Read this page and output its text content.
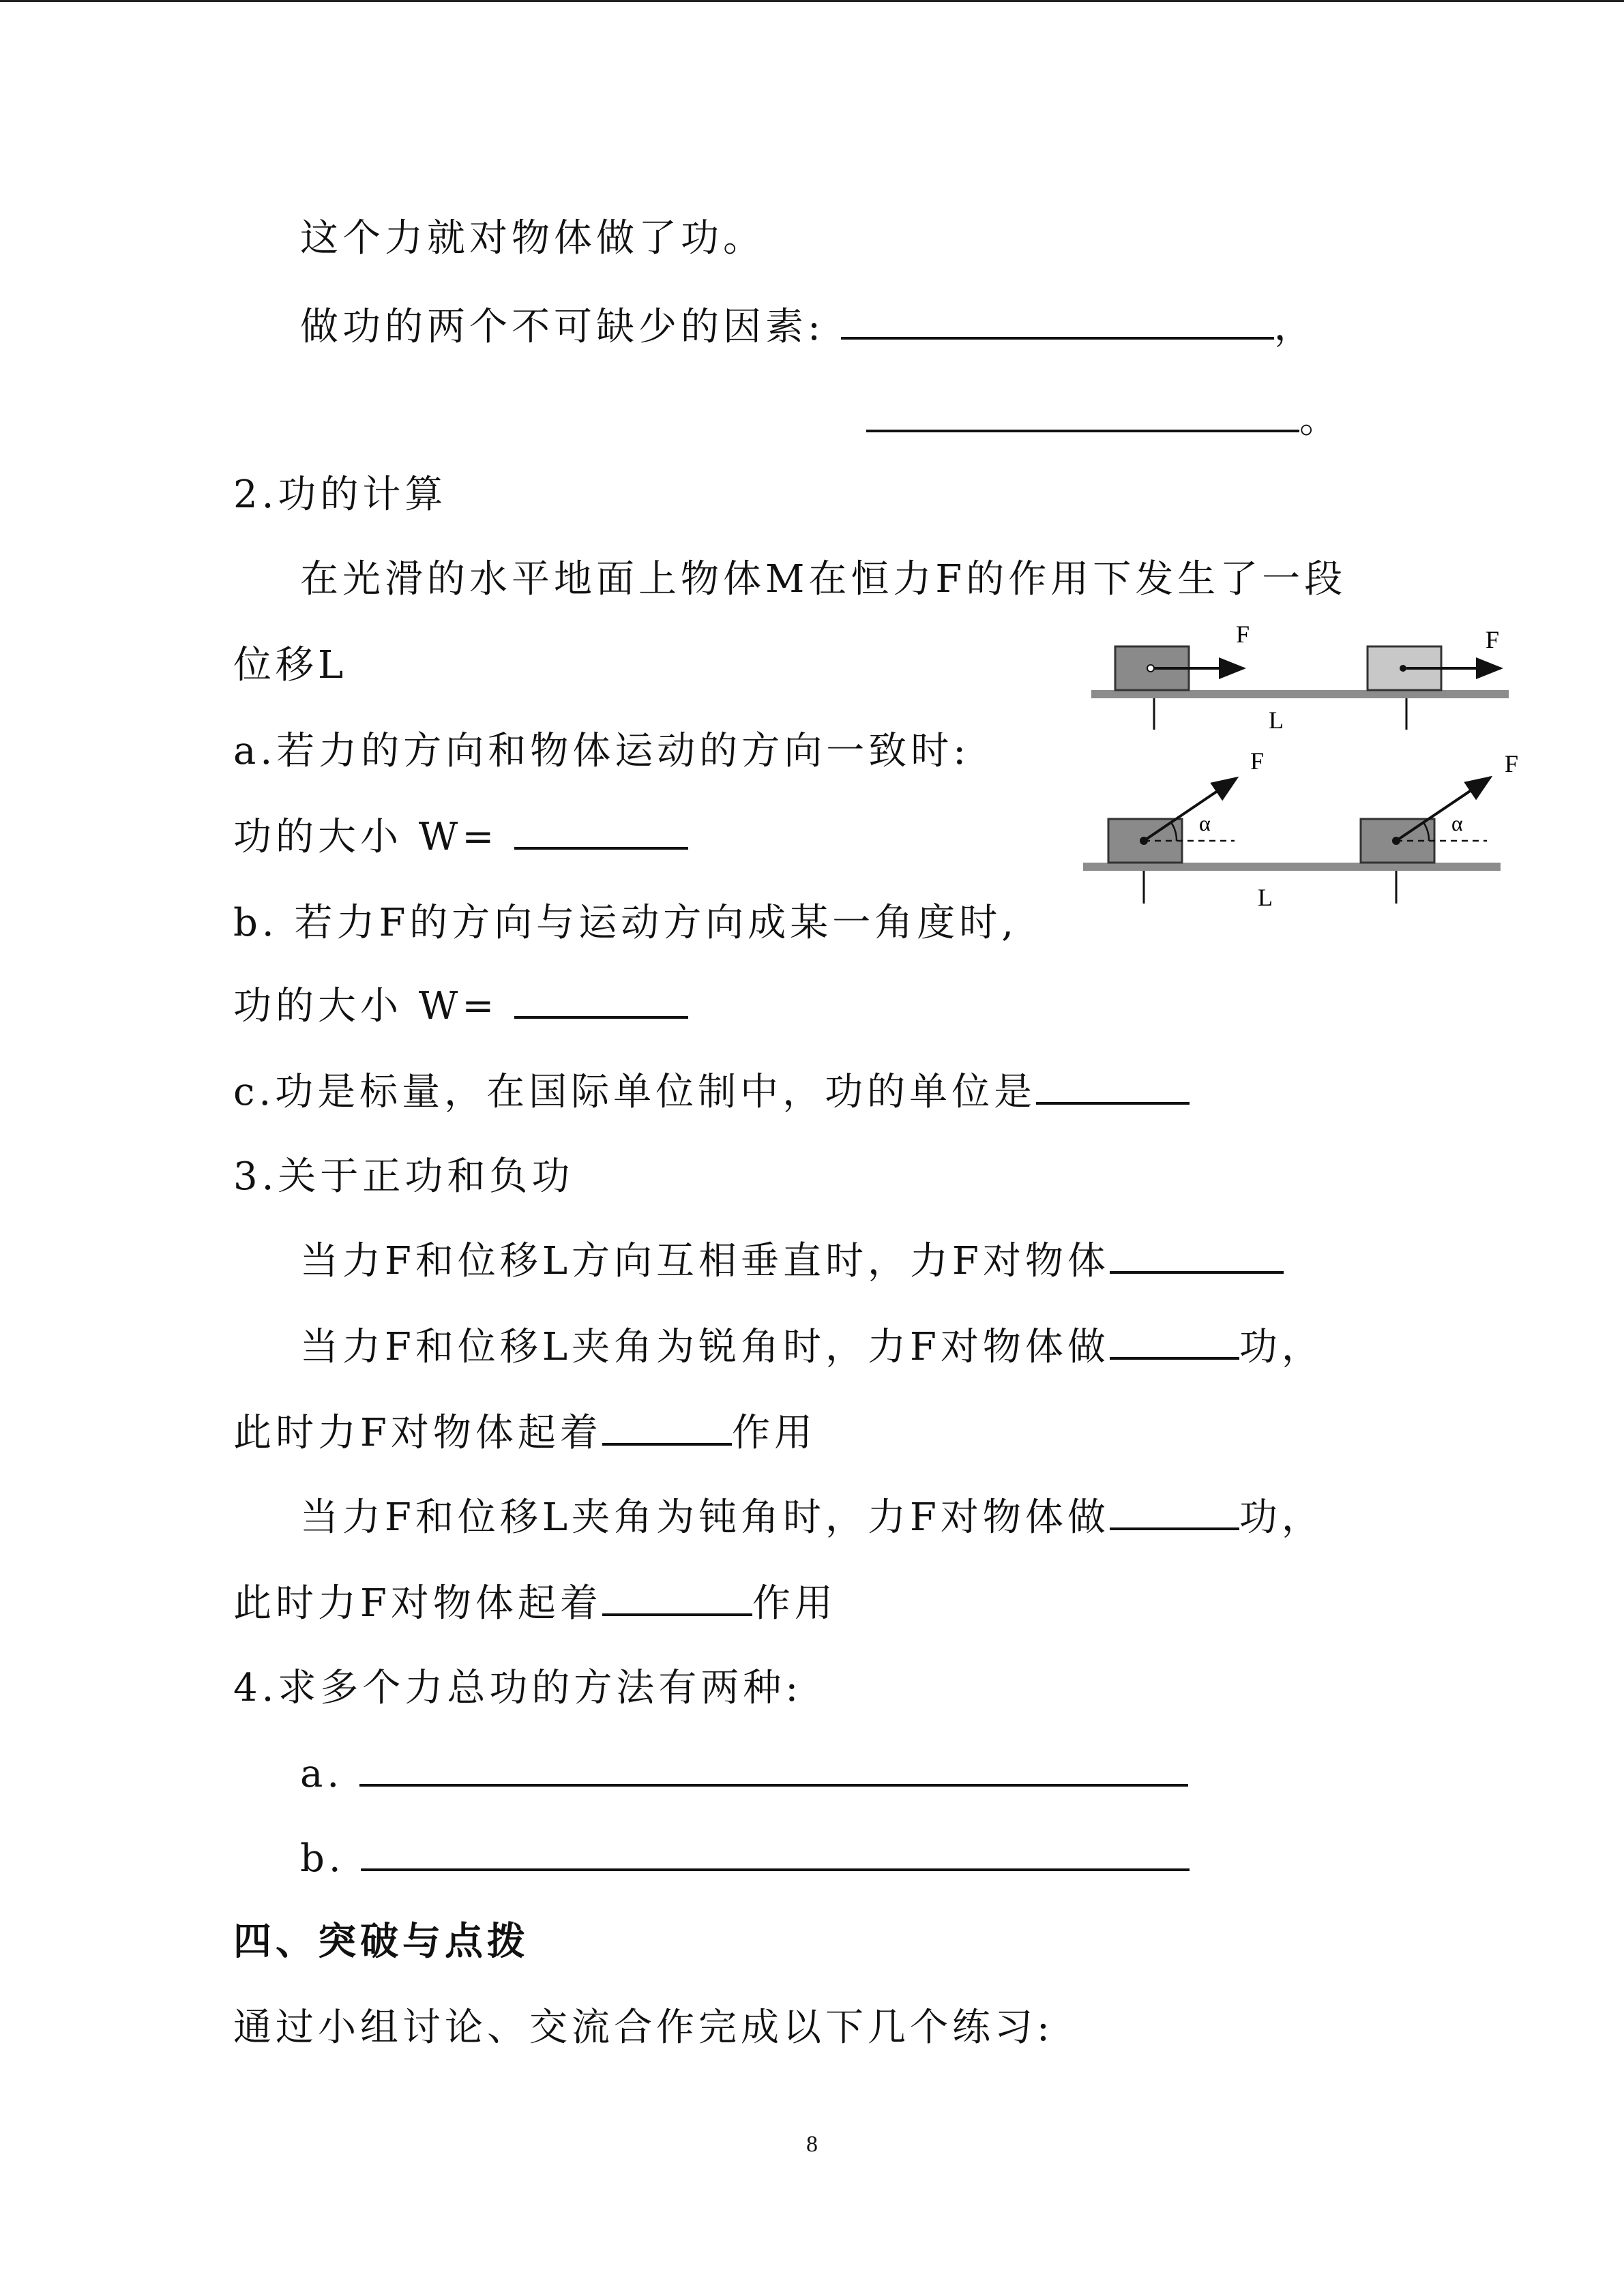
这个力就对物体做了功。
做功的两个不可缺少的因素:	，
。
2.功的计算
在光滑的水平地面上物体M在恒力F的作用下发生了一段
位移L
a.若力的方向和物体运动的方向一致时:
功的大小 W=
b. 若力F的方向与运动方向成某一角度时,
功的大小 W=
c.功是标量，在国际单位制中，功的单位是
3.关于正功和负功
当力F和位移L方向互相垂直时，力F对物体
当力F和位移L夹角为锐角时，力F对物体做	功，
此时力F对物体起着	作用
当力F和位移L夹角为钝角时，力F对物体做	功，
此时力F对物体起着	作用
4.求多个力总功的方法有两种:
a.
b.
四、突破与点拨
通过小组讨论、交流合作完成以下几个练习:
F	F
L
F	F
α	α
L
8
